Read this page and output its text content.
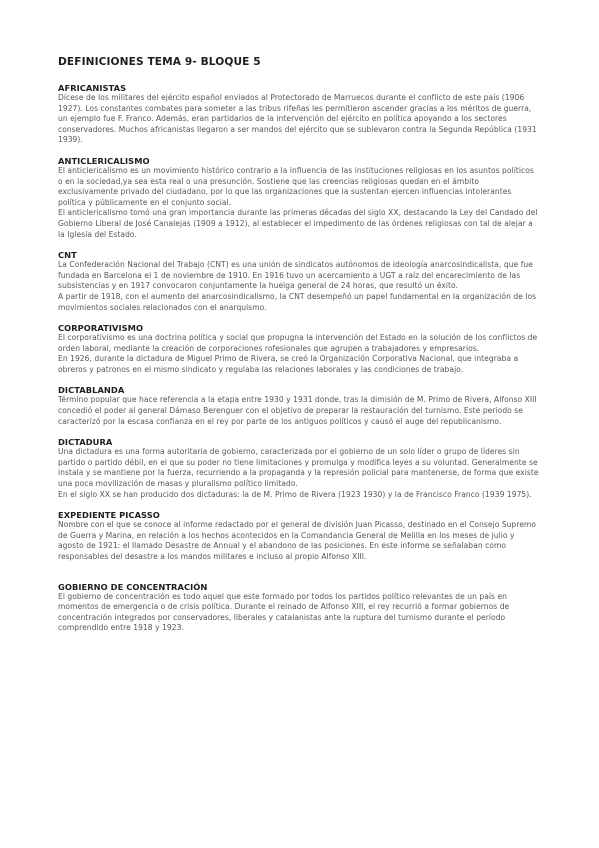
DEFINICIONES TEMA 9- BLOQUE 5
AFRICANISTAS

Dícese de los militares del ejército español enviados al Protectorado de Marruecos durante el conflicto de este país (1906 1927). Los constantes combates para someter a las tribus rifeñas les permitieron ascender gracias a los méritos de guerra, un ejemplo fue F. Franco. Además, eran partidarios de la intervención del ejército en política apoyando a los sectores conservadores. Muchos africanistas llegaron a ser mandos del ejército que se sublevaron contra la Segunda República (1931 1939).

ANTICLERICALISMO

El anticlericalismo es un movimiento histórico contrario a la influencia de las instituciones religiosas en los asuntos políticos o en la sociedad,ya sea esta real o una presunción. Sostiene que las creencias religiosas quedan en el ámbito exclusivamente privado del ciudadano, por lo que las organizaciones que la sustentan ejercen influencias intolerantes política y públicamente en el conjunto social.

El anticlericalismo tomó una gran importancia durante las primeras décadas del siglo XX, destacando la Ley del Candado del Gobierno Liberal de José Canalejas (1909 a 1912), al establecer el impedimento de las órdenes religiosas con tal de alejar a la Iglesia del Estado.

CNT

La Confederación Nacional del Trabajo (CNT) es una unión de sindicatos autónomos de ideología anarcosindicalista, que fue fundada en Barcelona el 1 de noviembre de 1910. En 1916 tuvo un acercamiento a UGT a raíz del encarecimiento de las subsistencias y en 1917 convocaron conjuntamente la huelga general de 24 horas, que resultó un éxito.

A partir de 1918, con el aumento del anarcosindicalismo, la CNT desempeñó un papel fundamental en la organización de los movimientos sociales relacionados con el anarquismo.

CORPORATIVISMO

El corporativismo es una doctrina política y social que propugna la intervención del Estado en la solución de los conflictos de orden laboral, mediante la creación de corporaciones rofesionales que agrupen a trabajadores y empresarios.

En 1926, durante la dictadura de Miguel Primo de Rivera, se creó la Organización Corporativa Nacional, que integraba a obreros y patronos en el mismo sindicato y regulaba las relaciones laborales y las condiciones de trabajo.

DICTABLANDA

Término popular que hace referencia a la etapa entre 1930 y 1931 donde, tras la dimisión de M. Primo de Rivera, Alfonso XIII concedió el poder al general Dámaso Berenguer con el objetivo de preparar la restauración del turnismo. Este periodo se caracterizó por la escasa confianza en el rey por parte de los antiguos políticos y causó el auge del republicanismo.

DICTADURA

Una dictadura es una forma autoritaria de gobierno, caracterizada por el gobierno de un solo líder o grupo de líderes sin partido o partido débil, en el que su poder no tiene limitaciones y promulga y modifica leyes a su voluntad. Generalmente se instala y se mantiene por la fuerza, recurriendo a la propaganda y la represión policial para mantenerse, de forma que existe una poca movilización de masas y pluralismo político limitado.

En el siglo XX se han producido dos dictaduras: la de M. Primo de Rivera (1923 1930) y la de Francisco Franco (1939 1975).

EXPEDIENTE PICASSO

Nombre con el que se conoce al informe redactado por el general de división Juan Picasso, destinado en el Consejo Supremo de Guerra y Marina, en relación a los hechos acontecidos en la Comandancia General de Melilla en los meses de julio y agosto de 1921: el llamado Desastre de Annual y el abandono de las posiciones. En este informe se señalaban como responsables del desastre a los mandos militares e incluso al propio Alfonso XIII.

GOBIERNO DE CONCENTRACIÓN

El gobierno de concentración es todo aquel que este formado por todos los partidos político relevantes de un país en momentos de emergencia o de crisis política. Durante el reinado de Alfonso XIII, el rey recurrió a formar gobiernos de concentración integrados por conservadores, liberales y catalanistas ante la ruptura del turnismo durante el período comprendido entre 1918 y 1923.
